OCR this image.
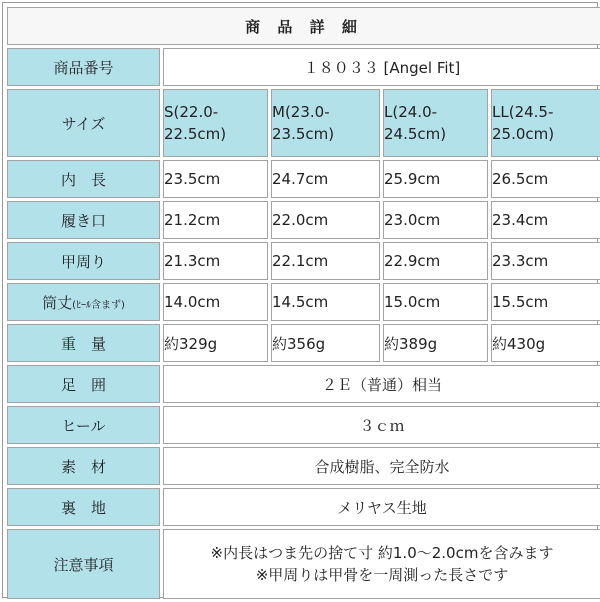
商 品 詳 細				
商品番号	１８０３３ [Angel Fit]			
サイズ	S(22.0-22.5cm)	M(23.0-23.5cm)	L(24.0-24.5cm)	LL(24.5-25.0cm)
内　長	23.5cm	24.7cm	25.9cm	26.5cm
履き口	21.2cm	22.0cm	23.0cm	23.4cm
甲周り	21.3cm	22.1cm	22.9cm	23.3cm
筒丈(ﾋｰﾙ含まず)	14.0cm	14.5cm	15.0cm	15.5cm
重　量	約329g	約356g	約389g	約430g
足　囲	２Ｅ（普通）相当			
ヒール	３ｃｍ			
素　材	合成樹脂、完全防水			
裏　地	メリヤス生地			
注意事項	※内長はつま先の捨て寸 約1.0～2.0cmを含みます
※甲周りは甲骨を一周測った長さです			
